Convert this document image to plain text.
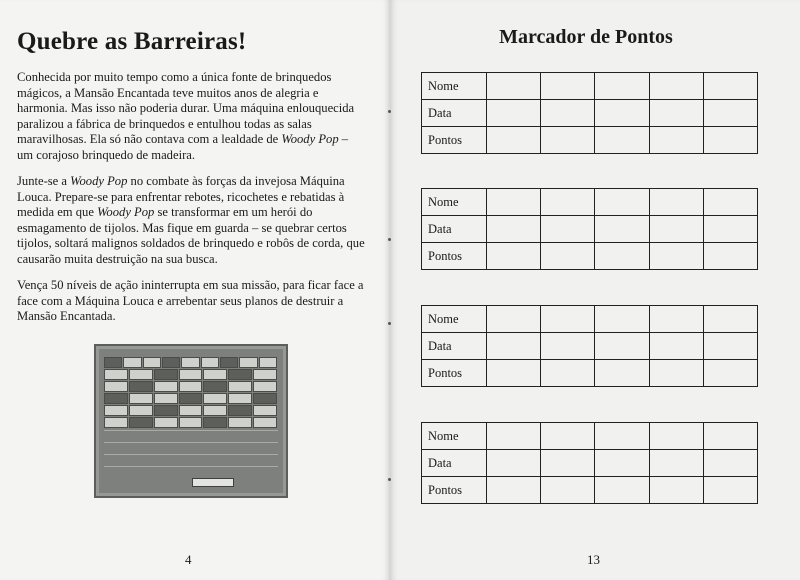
Quebre as Barreiras!

Conhecida por muito tempo como a única fonte de brinquedos mágicos, a Mansão Encantada teve muitos anos de alegria e harmonia. Mas isso não poderia durar. Uma máquina enlouquecida paralizou a fábrica de brinquedos e entulhou todas as salas maravilhosas. Ela só não contava com a lealdade de Woody Pop – um corajoso brinquedo de madeira.

Junte-se a Woody Pop no combate às forças da invejosa Máquina Louca. Prepare-se para enfrentar rebotes, ricochetes e rebatidas à medida em que Woody Pop se transformar em um herói do esmagamento de tijolos. Mas fique em guarda – se quebrar certos tijolos, soltará malignos soldados de brinquedo e robôs de corda, que causarão muita destruição na sua busca.

Vença 50 níveis de ação ininterrupta em sua missão, para ficar face a face com a Máquina Louca e arrebentar seus planos de destruir a Mansão Encantada.

4
Marcador de Pontos
Nome					
Data					
Pontos					
Nome					
Data					
Pontos					
Nome					
Data					
Pontos					
Nome					
Data					
Pontos					
13
